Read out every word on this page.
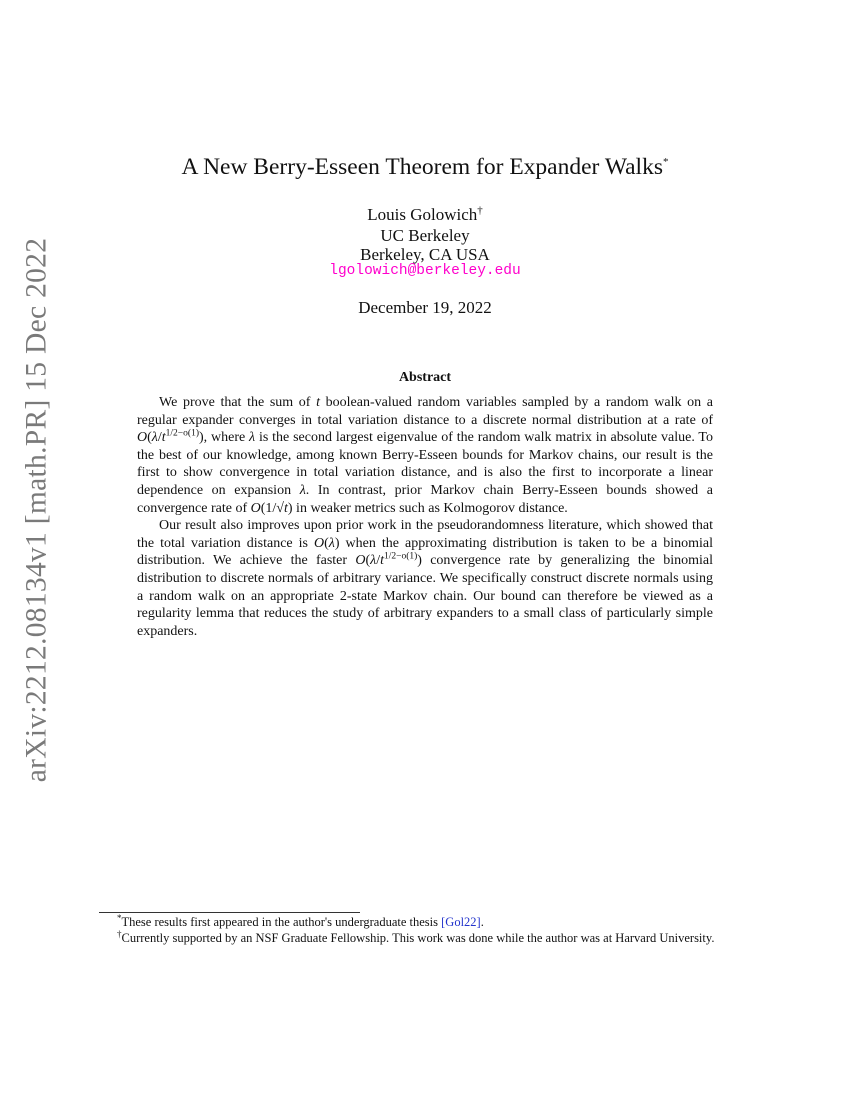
arXiv:2212.08134v1 [math.PR] 15 Dec 2022
A New Berry-Esseen Theorem for Expander Walks*
Louis Golowich†
UC Berkeley
Berkeley, CA USA
lgolowich@berkeley.edu
December 19, 2022
Abstract

We prove that the sum of t boolean-valued random variables sampled by a random walk on a regular expander converges in total variation distance to a discrete normal distribution at a rate of $O(\lambda/t^{1/2-o(1)})$, where λ is the second largest eigenvalue of the random walk matrix in absolute value. To the best of our knowledge, among known Berry-Esseen bounds for Markov chains, our result is the first to show convergence in total variation distance, and is also the first to incorporate a linear dependence on expansion λ. In contrast, prior Markov chain Berry-Esseen bounds showed a convergence rate of O(1/√t) in weaker metrics such as Kolmogorov distance.

Our result also improves upon prior work in the pseudorandomness literature, which showed that the total variation distance is O(λ) when the approximating distribution is taken to be a binomial distribution. We achieve the faster $O(\lambda/t^{1/2-o(1)})$ convergence rate by generalizing the binomial distribution to discrete normals of arbitrary variance. We specifically construct discrete normals using a random walk on an appropriate 2-state Markov chain. Our bound can therefore be viewed as a regularity lemma that reduces the study of arbitrary expanders to a small class of particularly simple expanders.

*These results first appeared in the author's undergraduate thesis [Gol22].

†Currently supported by an NSF Graduate Fellowship. This work was done while the author was at Harvard University.
